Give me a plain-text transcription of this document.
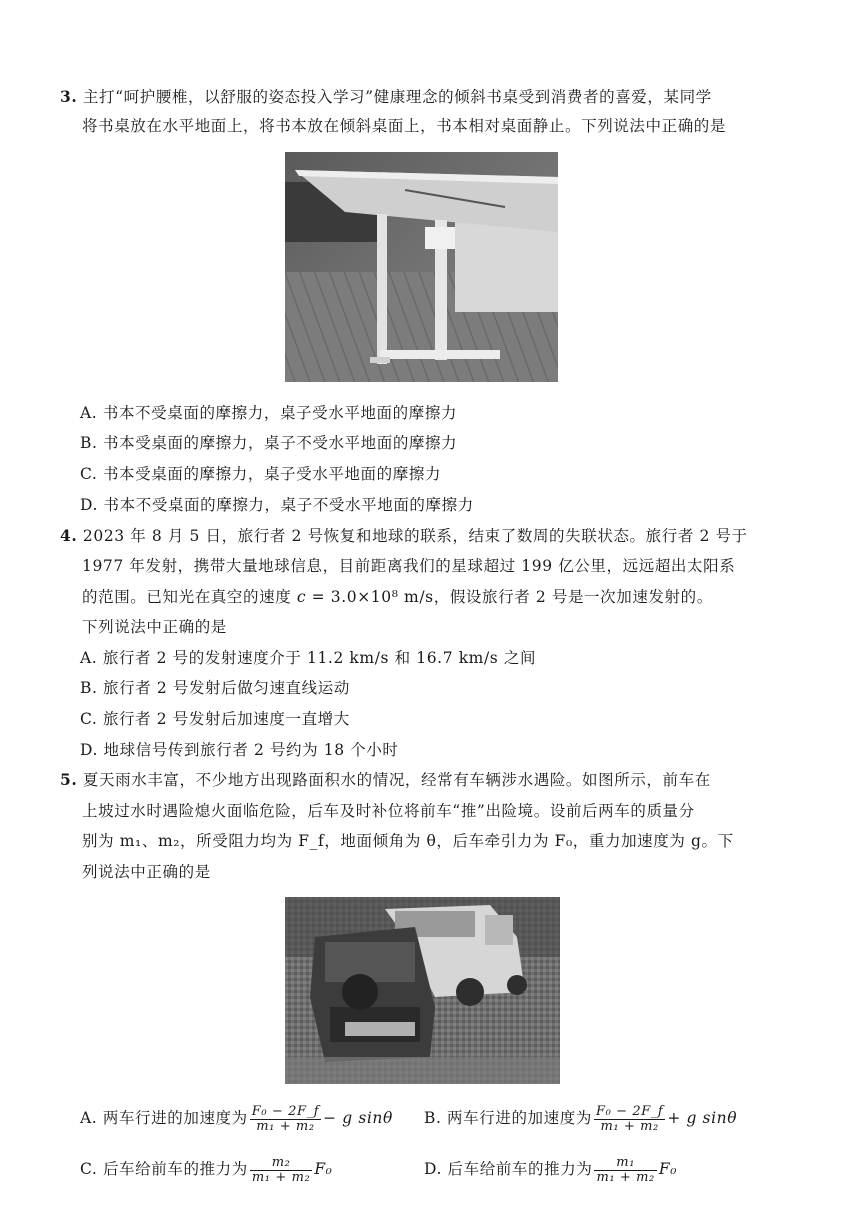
3. 主打“呵护腰椎，以舒服的姿态投入学习”健康理念的倾斜书桌受到消费者的喜爱，某同学
将书桌放在水平地面上，将书本放在倾斜桌面上，书本相对桌面静止。下列说法中正确的是
A. 书本不受桌面的摩擦力，桌子受水平地面的摩擦力
B. 书本受桌面的摩擦力，桌子不受水平地面的摩擦力
C. 书本受桌面的摩擦力，桌子受水平地面的摩擦力
D. 书本不受桌面的摩擦力，桌子不受水平地面的摩擦力
4. 2023 年 8 月 5 日，旅行者 2 号恢复和地球的联系，结束了数周的失联状态。旅行者 2 号于
1977 年发射，携带大量地球信息，目前距离我们的星球超过 199 亿公里，远远超出太阳系
的范围。已知光在真空的速度 c = 3.0×10⁸ m/s，假设旅行者 2 号是一次加速发射的。
下列说法中正确的是
A. 旅行者 2 号的发射速度介于 11.2 km/s 和 16.7 km/s 之间
B. 旅行者 2 号发射后做匀速直线运动
C. 旅行者 2 号发射后加速度一直增大
D. 地球信号传到旅行者 2 号约为 18 个小时
5. 夏天雨水丰富，不少地方出现路面积水的情况，经常有车辆涉水遇险。如图所示，前车在
上坡过水时遇险熄火面临危险，后车及时补位将前车“推”出险境。设前后两车的质量分
别为 m₁、m₂，所受阻力均为 F_f，地面倾角为 θ，后车牵引力为 F₀，重力加速度为 g。下
列说法中正确的是
A. 两车行进的加速度为 $\frac{\text{F₀ − 2F\_f}}{\text{m₁ + m₂}} - g$ sinθ B. 两车行进的加速度为 $\frac{\text{F₀ − 2F\_f}}{\text{m₁ + m₂}} + g$ sinθ
C. 后车给前车的推力为 $\frac{\text{m₂}}{\text{m₁ + m₂}} F_0$	D. 后车给前车的推力为 $\frac{\text{m₁}}{\text{m₁ + m₂}} F_0$
